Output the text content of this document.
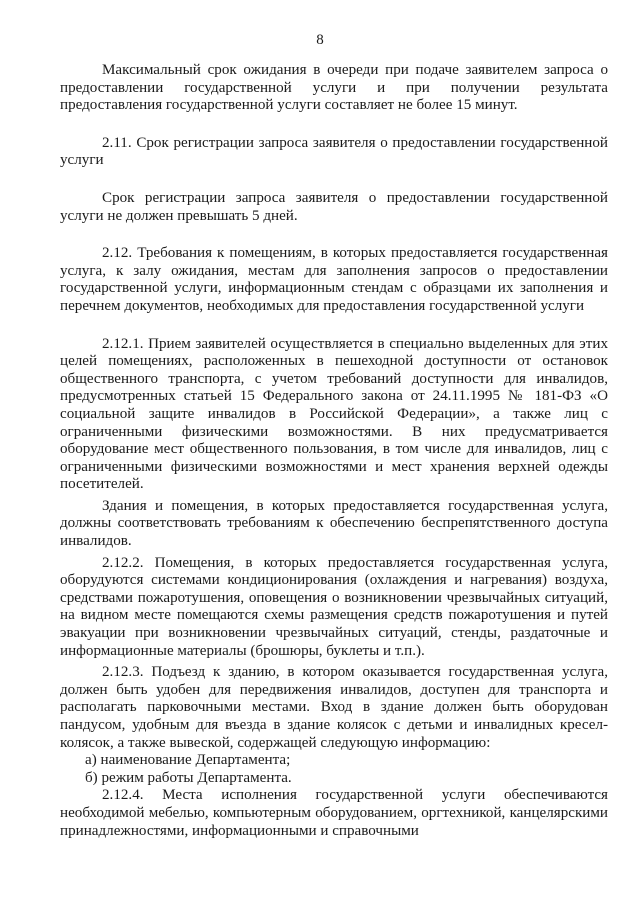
8

Максимальный срок ожидания в очереди при подаче заявителем запроса о предоставлении государственной услуги и при получении результата предоставления государственной услуги составляет не более 15 минут.

2.11. Срок регистрации запроса заявителя о предоставлении государственной услуги

Срок регистрации запроса заявителя о предоставлении государственной услуги не должен превышать 5 дней.

2.12. Требования к помещениям, в которых предоставляется государственная услуга, к залу ожидания, местам для заполнения запросов о предоставлении государственной услуги, информационным стендам с образцами их заполнения и перечнем документов, необходимых для предоставления государственной услуги

2.12.1. Прием заявителей осуществляется в специально выделенных для этих целей помещениях, расположенных в пешеходной доступности от остановок общественного транспорта, с учетом требований доступности для инвалидов, предусмотренных статьей 15 Федерального закона от 24.11.1995 № 181-ФЗ «О социальной защите инвалидов в Российской Федерации», а также лиц с ограниченными физическими возможностями. В них предусматривается оборудование мест общественного пользования, в том числе для инвалидов, лиц с ограниченными физическими возможностями и мест хранения верхней одежды посетителей.

Здания и помещения, в которых предоставляется государственная услуга, должны соответствовать требованиям к обеспечению беспрепятственного доступа инвалидов.

2.12.2. Помещения, в которых предоставляется государственная услуга, оборудуются системами кондиционирования (охлаждения и нагревания) воздуха, средствами пожаротушения, оповещения о возникновении чрезвычайных ситуаций, на видном месте помещаются схемы размещения средств пожаротушения и путей эвакуации при возникновении чрезвычайных ситуаций, стенды, раздаточные и информационные материалы (брошюры, буклеты и т.п.).

2.12.3. Подъезд к зданию, в котором оказывается государственная услуга, должен быть удобен для передвижения инвалидов, доступен для транспорта и располагать парковочными местами. Вход в здание должен быть оборудован пандусом, удобным для въезда в здание колясок с детьми и инвалидных кресел-колясок, а также вывеской, содержащей следующую информацию:

а) наименование Департамента;

б) режим работы Департамента.

2.12.4. Места исполнения государственной услуги обеспечиваются необходимой мебелью, компьютерным оборудованием, оргтехникой, канцелярскими принадлежностями, информационными и справочными
